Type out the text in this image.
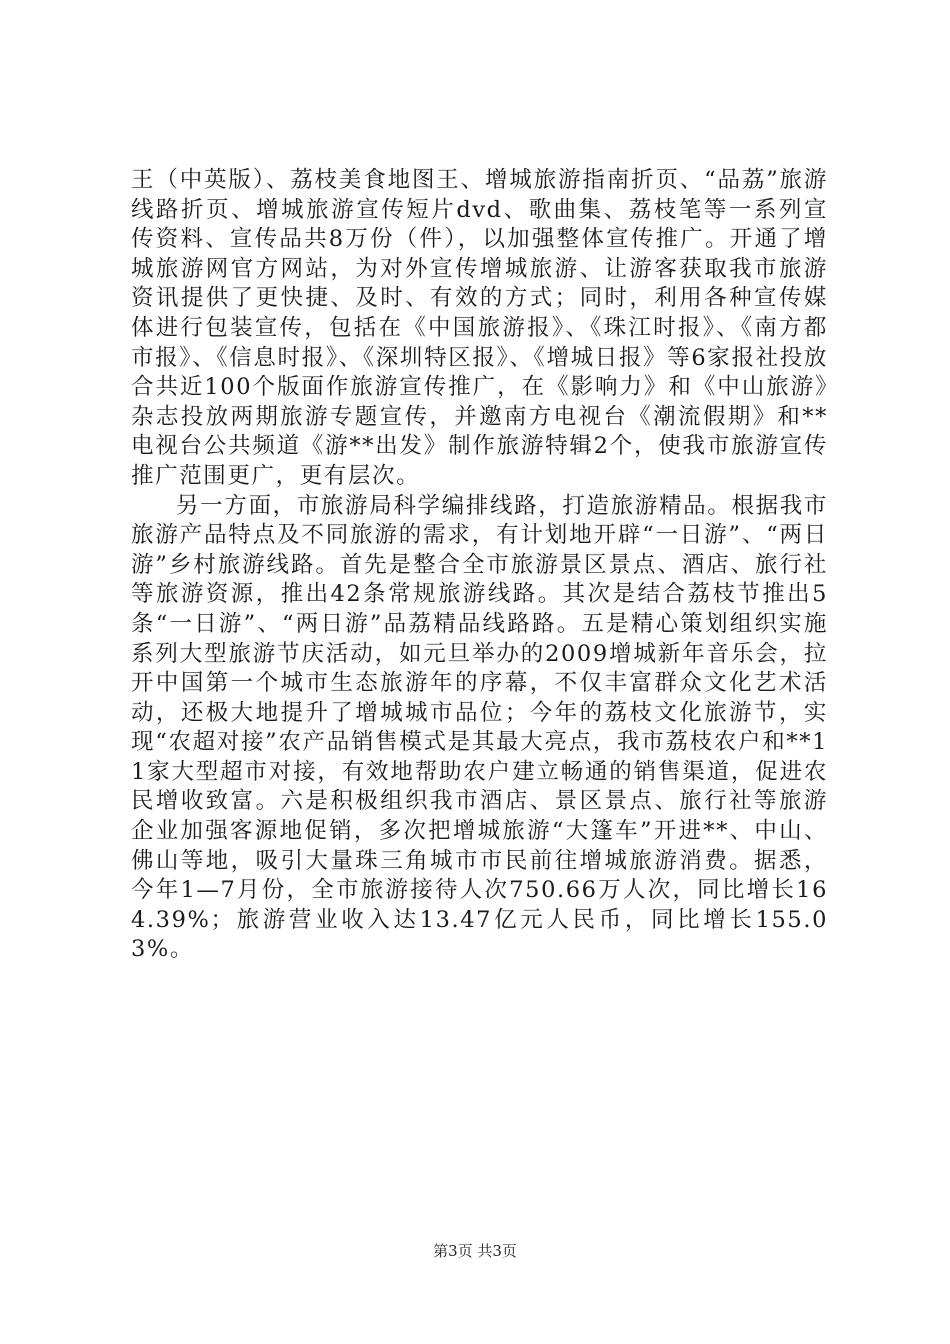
王（中英版）、荔枝美食地图王、增城旅游指南折页、“品荔”旅游线路折页、增城旅游宣传短片dvd、歌曲集、荔枝笔等一系列宣传资料、宣传品共8万份（件），以加强整体宣传推广。开通了增城旅游网官方网站，为对外宣传增城旅游、让游客获取我市旅游资讯提供了更快捷、及时、有效的方式；同时，利用各种宣传媒体进行包装宣传，包括在《中国旅游报》、《珠江时报》、《南方都市报》、《信息时报》、《深圳特区报》、《增城日报》等6家报社投放合共近100个版面作旅游宣传推广，在《影响力》和《中山旅游》杂志投放两期旅游专题宣传，并邀南方电视台《潮流假期》和**电视台公共频道《游**出发》制作旅游特辑2个，使我市旅游宣传推广范围更广，更有层次。

另一方面，市旅游局科学编排线路，打造旅游精品。根据我市旅游产品特点及不同旅游的需求，有计划地开辟“一日游”、“两日游”乡村旅游线路。首先是整合全市旅游景区景点、酒店、旅行社等旅游资源，推出42条常规旅游线路。其次是结合荔枝节推出5条“一日游”、“两日游”品荔精品线路路。五是精心策划组织实施系列大型旅游节庆活动，如元旦举办的2009增城新年音乐会，拉开中国第一个城市生态旅游年的序幕，不仅丰富群众文化艺术活动，还极大地提升了增城城市品位；今年的荔枝文化旅游节，实现“农超对接”农产品销售模式是其最大亮点，我市荔枝农户和**11家大型超市对接，有效地帮助农户建立畅通的销售渠道，促进农民增收致富。六是积极组织我市酒店、景区景点、旅行社等旅游企业加强客源地促销，多次把增城旅游“大篷车”开进**、中山、佛山等地，吸引大量珠三角城市市民前往增城旅游消费。据悉，今年1—7月份，全市旅游接待人次750.66万人次，同比增长164.39%；旅游营业收入达13.47亿元人民币，同比增长155.03%。

第3页 共3页
